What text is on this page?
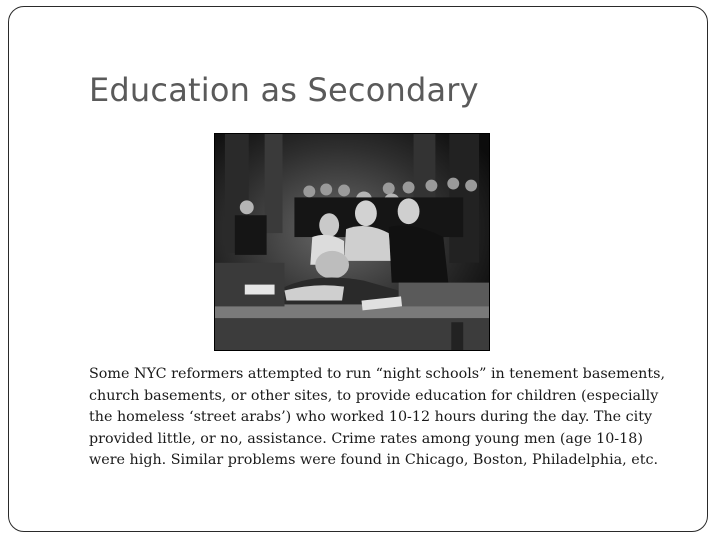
Education as Secondary

Some NYC reformers attempted to run “night schools” in tenement basements, church basements, or other sites, to provide education for children (especially the homeless ‘street arabs’) who worked 10-12 hours during the day. The city provided little, or no, assistance. Crime rates among young men (age 10-18) were high. Similar problems were found in Chicago, Boston, Philadelphia, etc.
